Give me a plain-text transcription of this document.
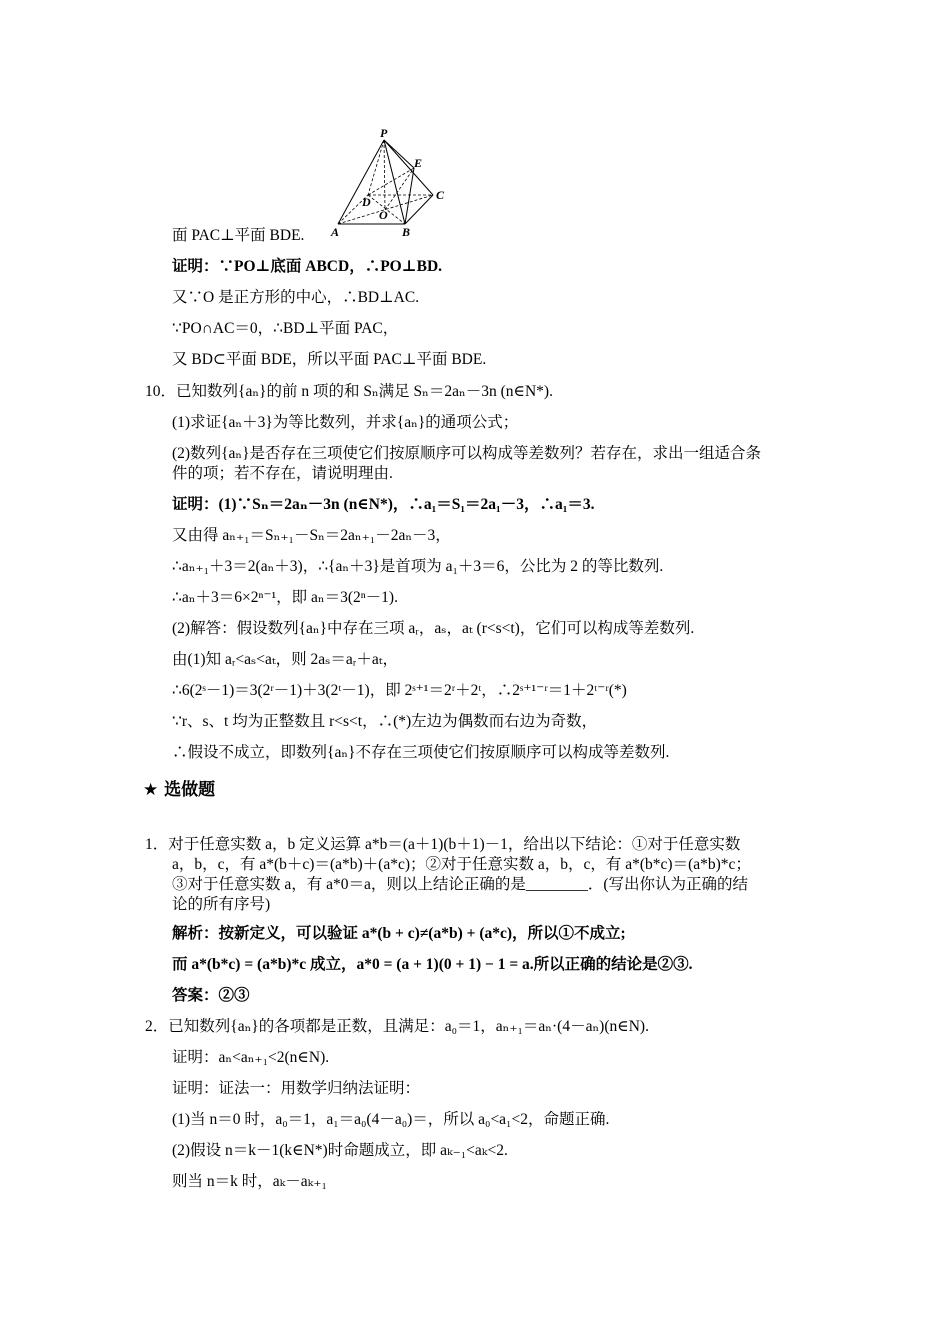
P
E
C
D
O
A	B
面 PAC⊥平面 BDE.
证明：∵PO⊥底面 ABCD，∴PO⊥BD.
又∵O 是正方形的中心，∴BD⊥AC.
∵PO∩AC＝0，∴BD⊥平面 PAC，
又 BD⊂平面 BDE，所以平面 PAC⊥平面 BDE.
10．已知数列{aₙ}的前 n 项的和 Sₙ满足 Sₙ＝2aₙ－3n (n∈N*).
(1)求证{aₙ＋3}为等比数列，并求{aₙ}的通项公式；
(2)数列{aₙ}是否存在三项使它们按原顺序可以构成等差数列？若存在，求出一组适合条
件的项；若不存在，请说明理由.
证明：(1)∵Sₙ＝2aₙ－3n (n∈N*)，∴a₁＝S₁＝2a₁－3，∴a₁＝3.
又由得 aₙ₊₁＝Sₙ₊₁－Sₙ＝2aₙ₊₁－2aₙ－3，
∴aₙ₊₁＋3＝2(aₙ＋3)，∴{aₙ＋3}是首项为 a₁＋3＝6，公比为 2 的等比数列.
∴aₙ＋3＝6×2ⁿ⁻¹，即 aₙ＝3(2ⁿ－1).
(2)解答：假设数列{aₙ}中存在三项 aᵣ，aₛ，aₜ (r<s<t)，它们可以构成等差数列.
由(1)知 aᵣ<aₛ<aₜ，则 2aₛ＝aᵣ＋aₜ，
∴6(2ˢ－1)＝3(2ʳ－1)＋3(2ᵗ－1)，即 2ˢ⁺¹＝2ʳ＋2ᵗ，∴2ˢ⁺¹⁻ʳ＝1＋2ᵗ⁻ʳ(*)
∵r、s、t 均为正整数且 r<s<t，∴(*)左边为偶数而右边为奇数，
∴假设不成立，即数列{aₙ}不存在三项使它们按原顺序可以构成等差数列.
★ 选做题
1．对于任意实数 a，b 定义运算 a*b＝(a＋1)(b＋1)－1，给出以下结论：①对于任意实数
a，b，c，有 a*(b＋c)＝(a*b)＋(a*c)；②对于任意实数 a，b，c，有 a*(b*c)＝(a*b)*c；
③对于任意实数 a，有 a*0＝a，则以上结论正确的是________．(写出你认为正确的结
论的所有序号)
解析：按新定义，可以验证 a*(b + c)≠(a*b) + (a*c)，所以①不成立;
而 a*(b*c) = (a*b)*c 成立，a*0 = (a + 1)(0 + 1) − 1 = a.所以正确的结论是②③.
答案：②③
2．已知数列{aₙ}的各项都是正数，且满足：a₀＝1，aₙ₊₁＝aₙ·(4－aₙ)(n∈N).
证明：aₙ<aₙ₊₁<2(n∈N).
证明：证法一：用数学归纳法证明：
(1)当 n＝0 时，a₀＝1，a₁＝a₀(4－a₀)＝，所以 a₀<a₁<2，命题正确.
(2)假设 n＝k－1(k∈N*)时命题成立，即 aₖ₋₁<aₖ<2.
则当 n＝k 时，aₖ－aₖ₊₁
